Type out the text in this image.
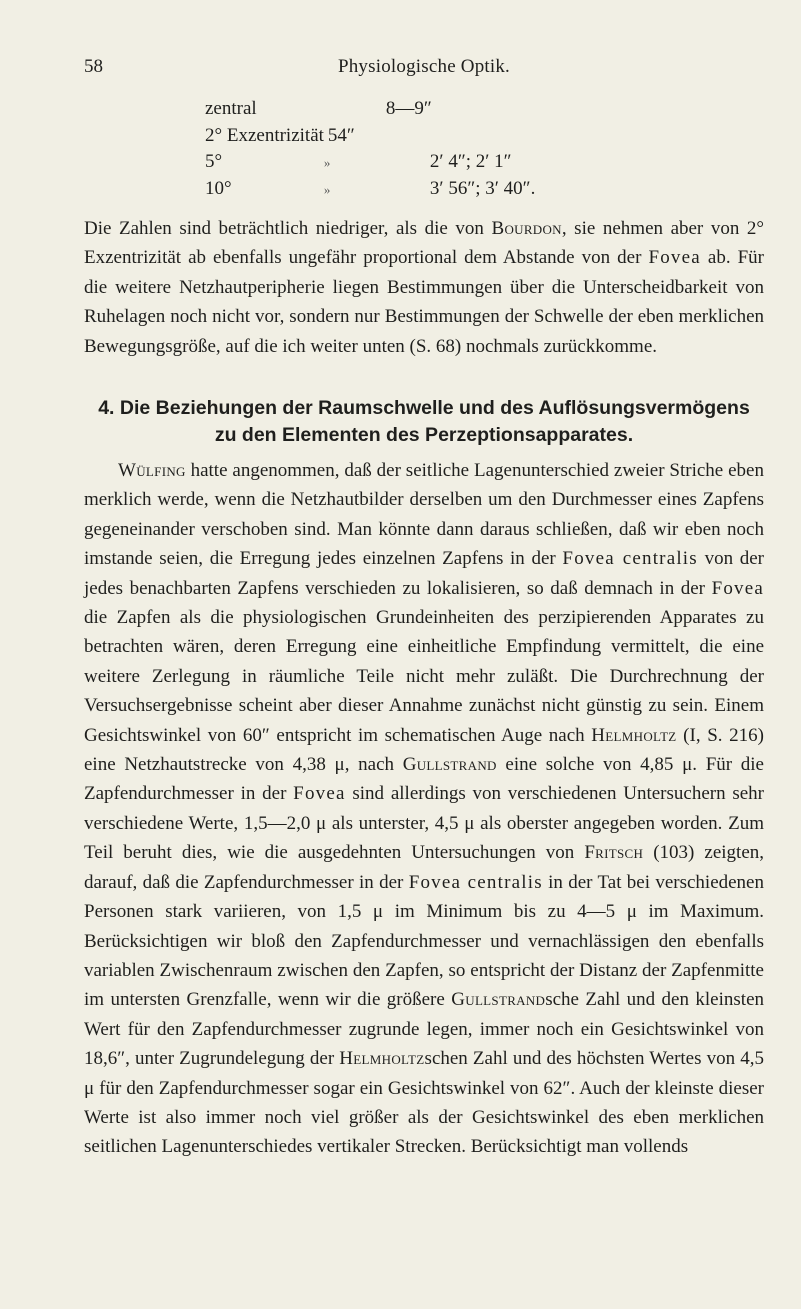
58	Physiologische Optik.
zentral	8—9″	
2° Exzentrizität	54″	
5°	» 2′ 4″; 2′ 1″	
10°	» 3′ 56″; 3′ 40″.	

Die Zahlen sind beträchtlich niedriger, als die von Bourdon, sie nehmen aber von 2° Exzentrizität ab ebenfalls ungefähr proportional dem Abstande von der Fovea ab. Für die weitere Netzhautperipherie liegen Bestimmungen über die Unterscheidbarkeit von Ruhelagen noch nicht vor, sondern nur Bestimmungen der Schwelle der eben merklichen Bewegungsgröße, auf die ich weiter unten (S. 68) nochmals zurückkomme.

4. Die Beziehungen der Raumschwelle und des Auflösungsvermögens
zu den Elementen des Perzeptionsapparates.

Wülfing hatte angenommen, daß der seitliche Lagenunterschied zweier Striche eben merklich werde, wenn die Netzhautbilder derselben um den Durchmesser eines Zapfens gegeneinander verschoben sind. Man könnte dann daraus schließen, daß wir eben noch imstande seien, die Erregung jedes einzelnen Zapfens in der Fovea centralis von der jedes benachbarten Zapfens verschieden zu lokalisieren, so daß demnach in der Fovea die Zapfen als die physiologischen Grundeinheiten des perzipierenden Apparates zu betrachten wären, deren Erregung eine einheitliche Empfindung vermittelt, die eine weitere Zerlegung in räumliche Teile nicht mehr zuläßt. Die Durchrechnung der Versuchsergebnisse scheint aber dieser Annahme zunächst nicht günstig zu sein. Einem Gesichtswinkel von 60″ entspricht im schematischen Auge nach Helmholtz (I, S. 216) eine Netzhautstrecke von 4,38 μ, nach Gullstrand eine solche von 4,85 μ. Für die Zapfendurchmesser in der Fovea sind allerdings von verschiedenen Untersuchern sehr verschiedene Werte, 1,5—2,0 μ als unterster, 4,5 μ als oberster angegeben worden. Zum Teil beruht dies, wie die ausgedehnten Untersuchungen von Fritsch (103) zeigten, darauf, daß die Zapfendurchmesser in der Fovea centralis in der Tat bei verschiedenen Personen stark variieren, von 1,5 μ im Minimum bis zu 4—5 μ im Maximum. Berücksichtigen wir bloß den Zapfendurchmesser und vernachlässigen den ebenfalls variablen Zwischenraum zwischen den Zapfen, so entspricht der Distanz der Zapfenmitte im untersten Grenzfalle, wenn wir die größere Gullstrandsche Zahl und den kleinsten Wert für den Zapfendurchmesser zugrunde legen, immer noch ein Gesichtswinkel von 18,6″, unter Zugrundelegung der Helmholtzschen Zahl und des höchsten Wertes von 4,5 μ für den Zapfendurchmesser sogar ein Gesichtswinkel von 62″. Auch der kleinste dieser Werte ist also immer noch viel größer als der Gesichtswinkel des eben merklichen seitlichen Lagenunterschiedes vertikaler Strecken. Berücksichtigt man vollends
